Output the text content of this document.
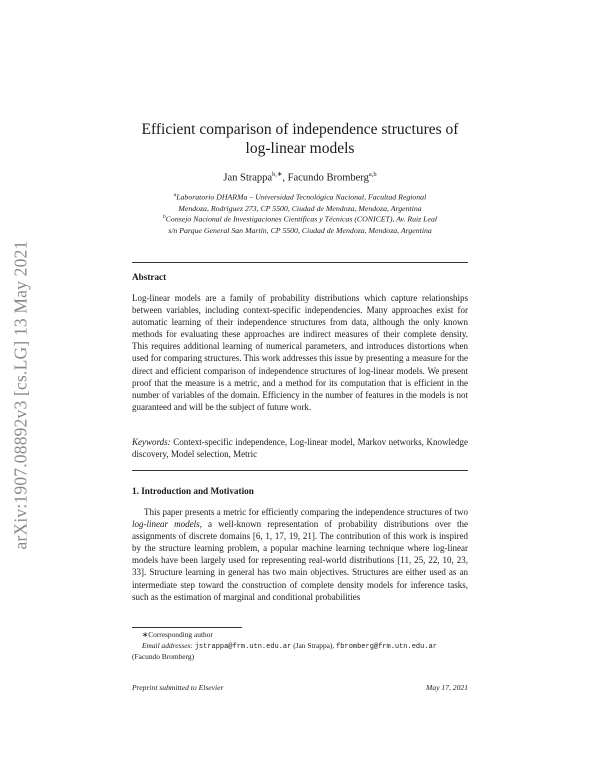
arXiv:1907.08892v3 [cs.LG] 13 May 2021
Efficient comparison of independence structures of
log-linear models
Jan Strappa$^{b,∗}$, Facundo Bromberg$^{a,b}$
$^a$Laboratorio DHARMa – Universidad Tecnológica Nacional, Facultad Regional
Mendoza, Rodríguez 273, CP 5500, Ciudad de Mendoza, Mendoza, Argentina
$^b$Consejo Nacional de Investigaciones Científicas y Técnicas (CONICET), Av. Ruiz Leal
s/n Parque General San Martín, CP 5500, Ciudad de Mendoza, Mendoza, Argentina
Abstract
Log-linear models are a family of probability distributions which capture relationships between variables, including context-specific independencies. Many approaches exist for automatic learning of their independence structures from data, although the only known methods for evaluating these approaches are indirect measures of their complete density. This requires additional learning of numerical parameters, and introduces distortions when used for comparing structures. This work addresses this issue by presenting a measure for the direct and efficient comparison of independence structures of log-linear models. We present proof that the measure is a metric, and a method for its computation that is efficient in the number of variables of the domain. Efficiency in the number of features in the models is not guaranteed and will be the subject of future work.
Keywords: Context-specific independence, Log-linear model, Markov networks, Knowledge discovery, Model selection, Metric
1. Introduction and Motivation
This paper presents a metric for efficiently comparing the independence structures of two log-linear models, a well-known representation of probability distributions over the assignments of discrete domains [6, 1, 17, 19, 21]. The contribution of this work is inspired by the structure learning problem, a popular machine learning technique where log-linear models have been largely used for representing real-world distributions [11, 25, 22, 10, 23, 33]. Structure learning in general has two main objectives. Structures are either used as an intermediate step toward the construction of complete density models for inference tasks, such as the estimation of marginal and conditional probabilities
∗Corresponding author
Email addresses: jstrappa@frm.utn.edu.ar (Jan Strappa), fbromberg@frm.utn.edu.ar
(Facundo Bromberg)
Preprint submitted to Elsevier	May 17, 2021
